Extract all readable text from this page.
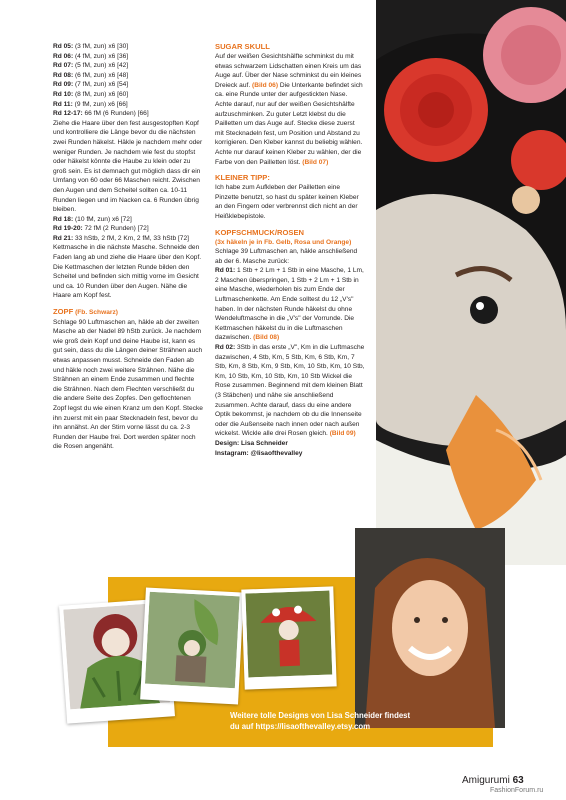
Rd 05: (3 fM, zun) x6 [30]
Rd 06: (4 fM, zun) x6 [36]
Rd 07: (5 fM, zun) x6 [42]
Rd 08: (6 fM, zun) x6 [48]
Rd 09: (7 fM, zun) x6 [54]
Rd 10: (8 fM, zun) x6 [60]
Rd 11: (9 fM, zun) x6 [66]
Rd 12-17: 66 fM (6 Runden) [66]

Ziehe die Haare über den fest ausgestopften Kopf und kontrolliere die Länge bevor du die nächsten zwei Runden häkelst. Häkle je nachdem mehr oder weniger Runden. Je nachdem wie fest du stopfst oder häkelst könnte die Haube zu klein oder zu groß sein. Es ist demnach gut möglich dass dir ein Umfang von 60 oder 66 Maschen reicht. Zwischen den Augen und dem Scheitel sollten ca. 10-11 Runden liegen und im Nacken ca. 6 Runden übrig bleiben.

Rd 18: (10 fM, zun) x6 [72]
Rd 19-20: 72 fM (2 Runden) [72]
Rd 21: 33 hStb, 2 fM, 2 Km, 2 fM, 33 hStb [72]

Kettmasche in die nächste Masche. Schneide den Faden lang ab und ziehe die Haare über den Kopf. Die Kettmaschen der letzten Runde bilden den Scheitel und befinden sich mittig vorne im Gesicht und ca. 10 Runden über den Augen. Nähe die Haare am Kopf fest.

ZOPF (Fb. Schwarz)

Schlage 90 Luftmaschen an, häkle ab der zweiten Masche ab der Nadel 89 hStb zurück. Je nachdem wie groß dein Kopf und deine Haube ist, kann es gut sein, dass du die Längen deiner Strähnen auch etwas anpassen musst. Schneide den Faden ab und häkle noch zwei weitere Strähnen. Nähe die Strähnen an einem Ende zusammen und flechte die Strähnen. Nach dem Flechten verschließt du die andere Seite des Zopfes. Den geflochtenen Zopf legst du wie einen Kranz um den Kopf. Stecke ihn zuerst mit ein paar Stecknadeln fest, bevor du ihn annähst. An der Stirn vorne lässt du ca. 2-3 Runden der Haube frei. Dort werden später noch die Rosen angenäht.

SUGAR SKULL

Auf der weißen Gesichtshälfte schminkst du mit etwas schwarzem Lidschatten einen Kreis um das Auge auf. Über der Nase schminkst du ein kleines Dreieck auf. (Bild 06) Die Unterkante befindet sich ca. eine Runde unter der aufgestickten Nase. Achte darauf, nur auf der weißen Gesichtshälfte aufzuschminken. Zu guter Letzt klebst du die Pailletten um das Auge auf. Stecke diese zuerst mit Stecknadeln fest, um Position und Abstand zu korrigieren. Den Kleber kannst du beliebig wählen. Achte nur darauf keinen Kleber zu wählen, der die Farbe von den Pailletten löst. (Bild 07)

KLEINER TIPP:

Ich habe zum Aufkleben der Pailletten eine Pinzette benutzt, so hast du später keinen Kleber an den Fingern oder verbrennst dich nicht an der Heißklebepistole.

KOPFSCHMUCK/ROSEN

(3x häkeln je in Fb. Gelb, Rosa und Orange)

Schlage 39 Luftmaschen an, häkle anschließend ab der 6. Masche zurück:

Rd 01: 1 Stb + 2 Lm + 1 Stb in eine Masche, 1 Lm, 2 Maschen überspringen, 1 Stb + 2 Lm + 1 Stb in eine Masche, wiederholen bis zum Ende der Luftmaschenkette. Am Ende solltest du 12 „V's" haben. In der nächsten Runde häkelst du ohne Wendeluftmasche in die „V's" der Vorrunde. Die Kettmaschen häkelst du in die Luftmaschen dazwischen. (Bild 08)

Rd 02: 3Stb in das erste „V", Km in die Luftmasche dazwischen, 4 Stb, Km, 5 Stb, Km, 6 Stb, Km, 7 Stb, Km, 8 Stb, Km, 9 Stb, Km, 10 Stb, Km, 10 Stb, Km, 10 Stb, Km, 10 Stb, Km, 10 Stb Wickel die Rose zusammen. Beginnend mit dem kleinen Blatt (3 Stäbchen) und nähe sie anschließend zusammen. Achte darauf, dass du eine andere Optik bekommst, je nachdem ob du die Innenseite oder die Außenseite nach innen oder nach außen wickelst. Wickle alle drei Rosen gleich. (Bild 09)

Design: Lisa Schneider

Instagram: @lisaofthevalley

Weitere tolle Designs von Lisa Schneider findest
du auf https://lisaofthevalley.etsy.com
Amigurumi 63
FashionForum.ru
